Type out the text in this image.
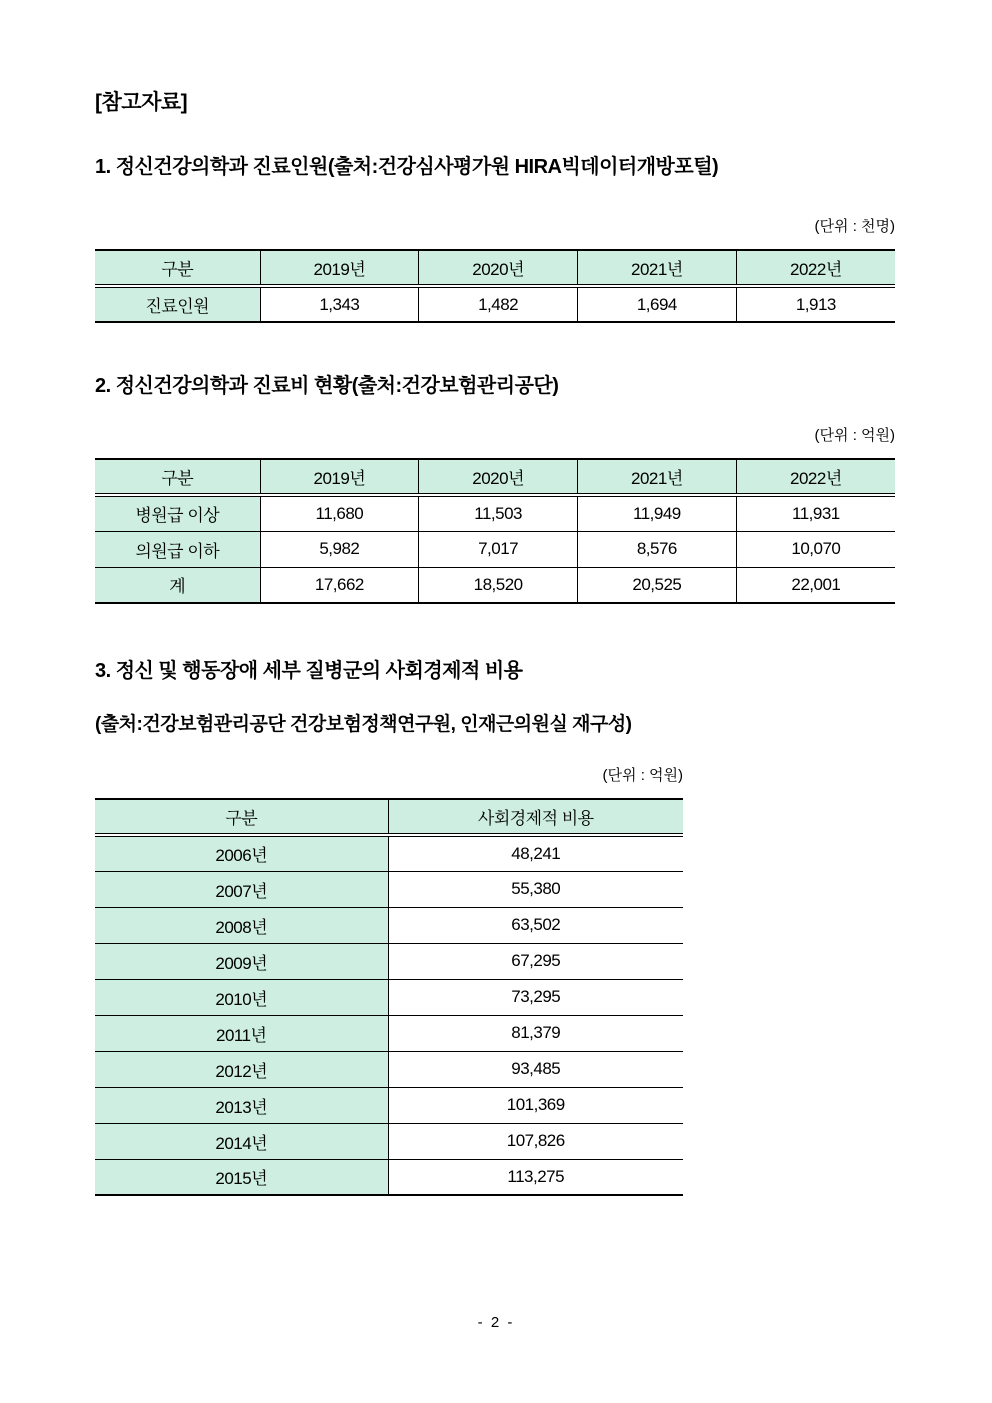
[참고자료]
1. 정신건강의학과 진료인원(출처:건강심사평가원 HIRA빅데이터개방포털)
(단위 : 천명)
구분	2019년	2020년	2021년	2022년
진료인원	1,343	1,482	1,694	1,913
2. 정신건강의학과 진료비 현황(출처:건강보험관리공단)
(단위 : 억원)
구분	2019년	2020년	2021년	2022년
병원급 이상	11,680	11,503	11,949	11,931
의원급 이하	5,982	7,017	8,576	10,070
계	17,662	18,520	20,525	22,001
3. 정신 및 행동장애 세부 질병군의 사회경제적 비용
(출처:건강보험관리공단 건강보험정책연구원, 인재근의원실 재구성)
(단위 : 억원)
구분	사회경제적 비용
2006년	48,241
2007년	55,380
2008년	63,502
2009년	67,295
2010년	73,295
2011년	81,379
2012년	93,485
2013년	101,369
2014년	107,826
2015년	113,275
- 2 -
